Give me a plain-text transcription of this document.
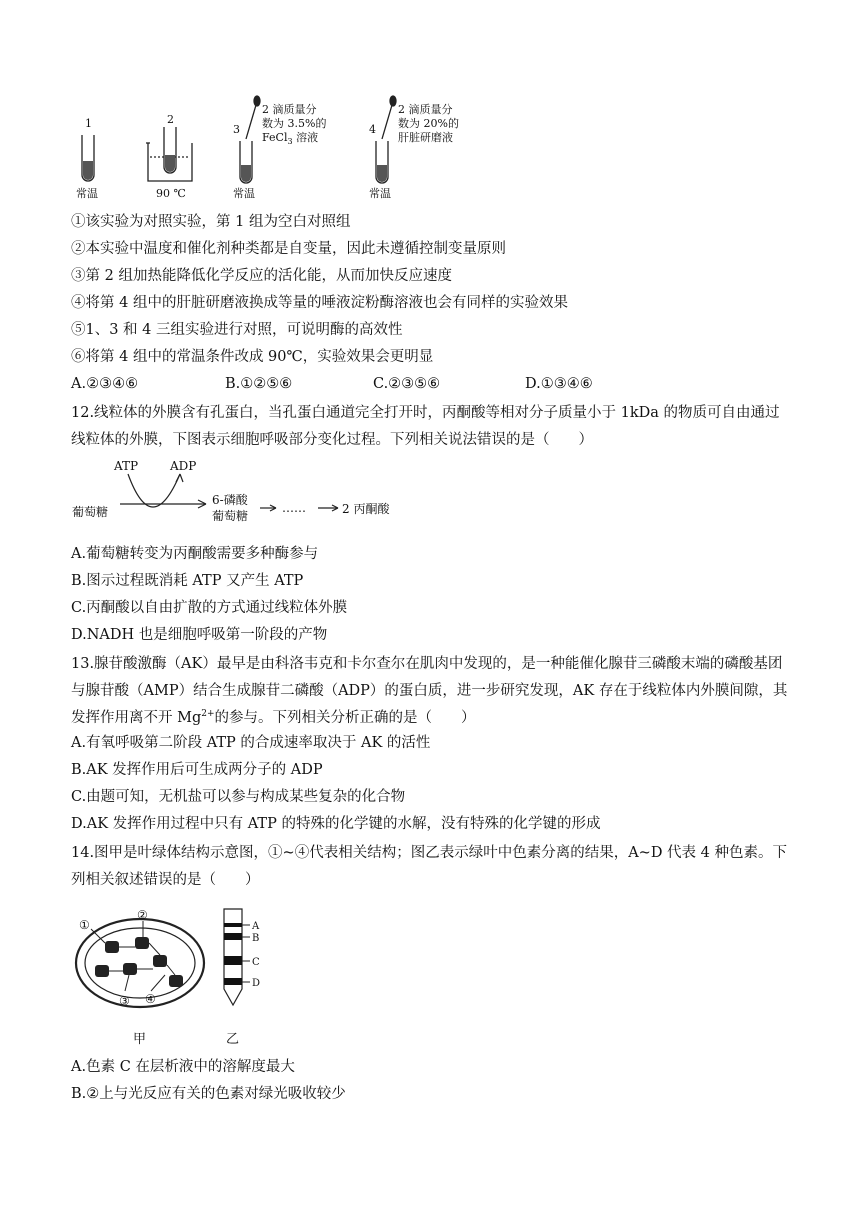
1	2
3	4
常温	90 ℃	常温	常温
2 滴质量分
数为 3.5%的
FeCl$_3$ 溶液
2 滴质量分
数为 20%的
肝脏研磨液
①该实验为对照实验，第 1 组为空白对照组
②本实验中温度和催化剂种类都是自变量，因此未遵循控制变量原则
③第 2 组加热能降低化学反应的活化能，从而加快反应速度
④将第 4 组中的肝脏研磨液换成等量的唾液淀粉酶溶液也会有同样的实验效果
⑤1、3 和 4 三组实验进行对照，可说明酶的高效性
⑥将第 4 组中的常温条件改成 90℃，实验效果会更明显
A.②③④⑥	B.①②⑤⑥	C.②③⑤⑥	D.①③④⑥
12.线粒体的外膜含有孔蛋白，当孔蛋白通道完全打开时，丙酮酸等相对分子质量小于 1kDa 的物质可自由通过线粒体的外膜，下图表示细胞呼吸部分变化过程。下列相关说法错误的是（　　）
ATP	ADP
葡萄糖
6-磷酸
葡萄糖
……	2 丙酮酸
A.葡萄糖转变为丙酮酸需要多种酶参与
B.图示过程既消耗 ATP 又产生 ATP
C.丙酮酸以自由扩散的方式通过线粒体外膜
D.NADH 也是细胞呼吸第一阶段的产物
13.腺苷酸激酶（AK）最早是由科洛韦克和卡尔查尔在肌肉中发现的，是一种能催化腺苷三磷酸末端的磷酸基团与腺苷酸（AMP）结合生成腺苷二磷酸（ADP）的蛋白质，进一步研究发现，AK 存在于线粒体内外膜间隙，其发挥作用离不开 $Mg^{2+}$的参与。下列相关分析正确的是（　　）
A.有氧呼吸第二阶段 ATP 的合成速率取决于 AK 的活性
B.AK 发挥作用后可生成两分子的 ADP
C.由题可知，无机盐可以参与构成某些复杂的化合物
D.AK 发挥作用过程中只有 ATP 的特殊的化学键的水解，没有特殊的化学键的形成
14.图甲是叶绿体结构示意图，①~④代表相关结构；图乙表示绿叶中色素分离的结果，A~D 代表 4 种色素。下列相关叙述错误的是（　　）
①
②
③ ④
甲
A
B
C
D
乙
A.色素 C 在层析液中的溶解度最大
B.②上与光反应有关的色素对绿光吸收较少
